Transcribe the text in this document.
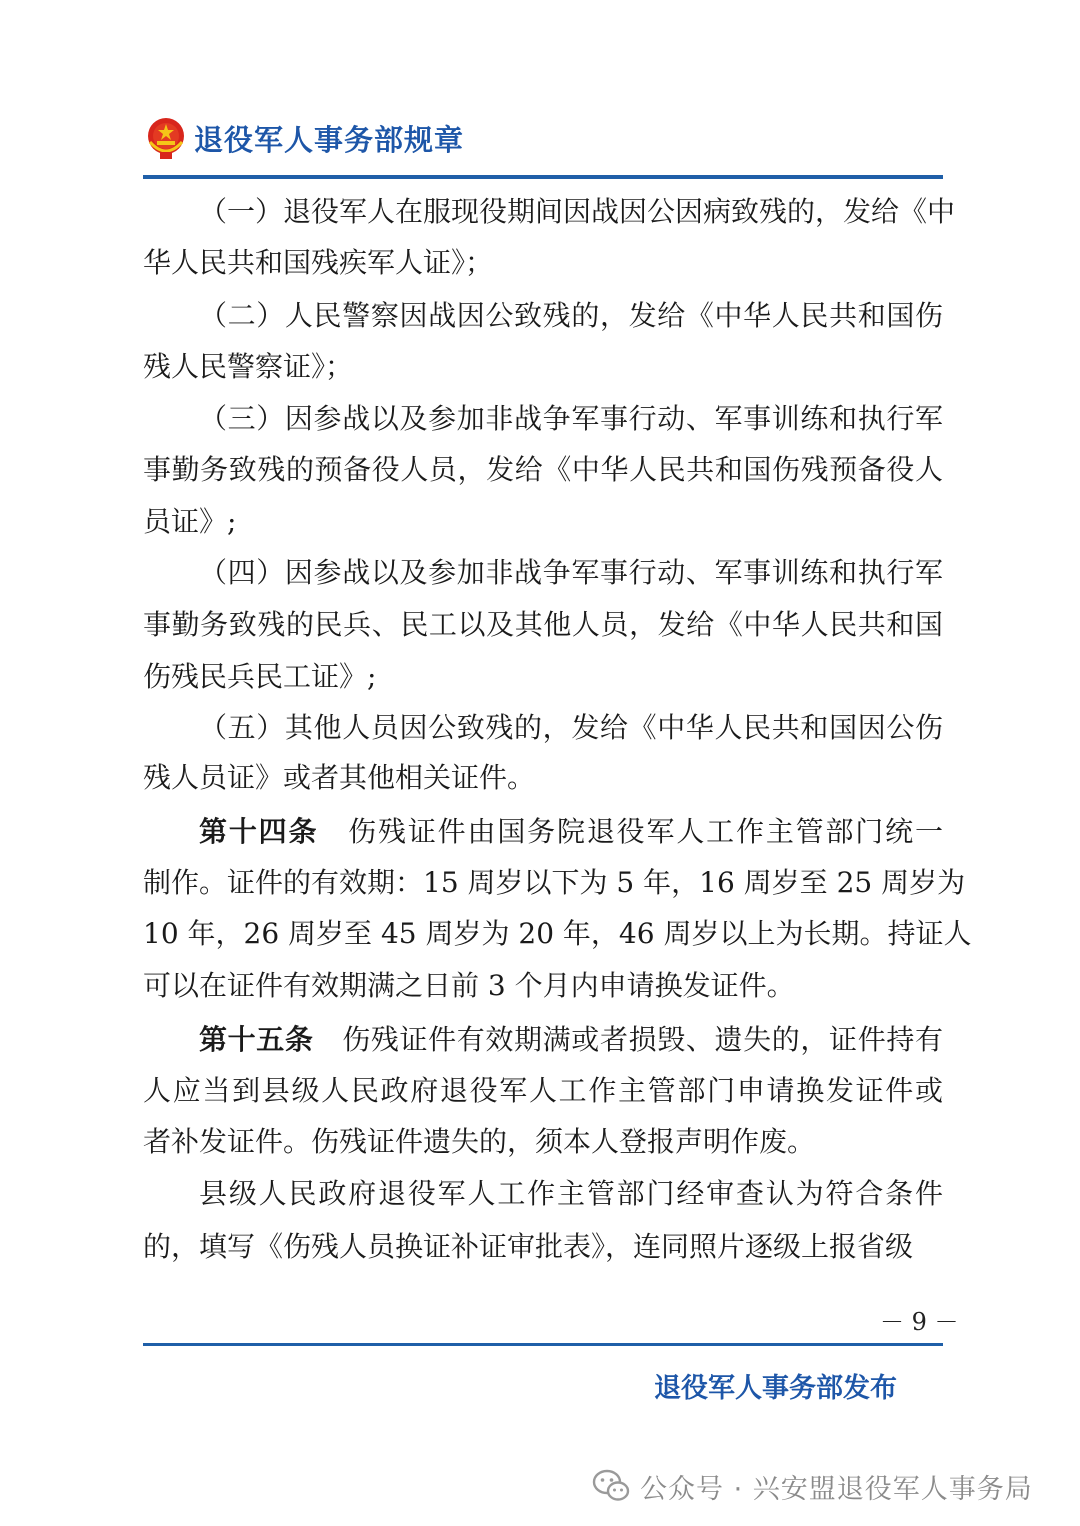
退役军人事务部规章
（一）退役军人在服现役期间因战因公因病致残的，发给《中
华人民共和国残疾军人证》；
（二）人民警察因战因公致残的，发给《中华人民共和国伤
残人民警察证》；
（三）因参战以及参加非战争军事行动、军事训练和执行军
事勤务致残的预备役人员，发给《中华人民共和国伤残预备役人
员证》;
（四）因参战以及参加非战争军事行动、军事训练和执行军
事勤务致残的民兵、民工以及其他人员，发给《中华人民共和国
伤残民兵民工证》;
（五）其他人员因公致残的，发给《中华人民共和国因公伤
残人员证》或者其他相关证件。
第十四条　 伤残证件由国务院退役军人工作主管部门统一
制作。证件的有效期：15 周岁以下为 5 年，16 周岁至 25 周岁为
10 年，26 周岁至 45 周岁为 20 年，46 周岁以上为长期。持证人
可以在证件有效期满之日前 3 个月内申请换发证件。
第十五条　 伤残证件有效期满或者损毁、遗失的，证件持有
人应当到县级人民政府退役军人工作主管部门申请换发证件或
者补发证件。伤残证件遗失的，须本人登报声明作废。
县级人民政府退役军人工作主管部门经审查认为符合条件
的，填写《伤残人员换证补证审批表》，连同照片逐级上报省级
－ 9 －
退役军人事务部发布
公众号 · 兴安盟退役军人事务局
